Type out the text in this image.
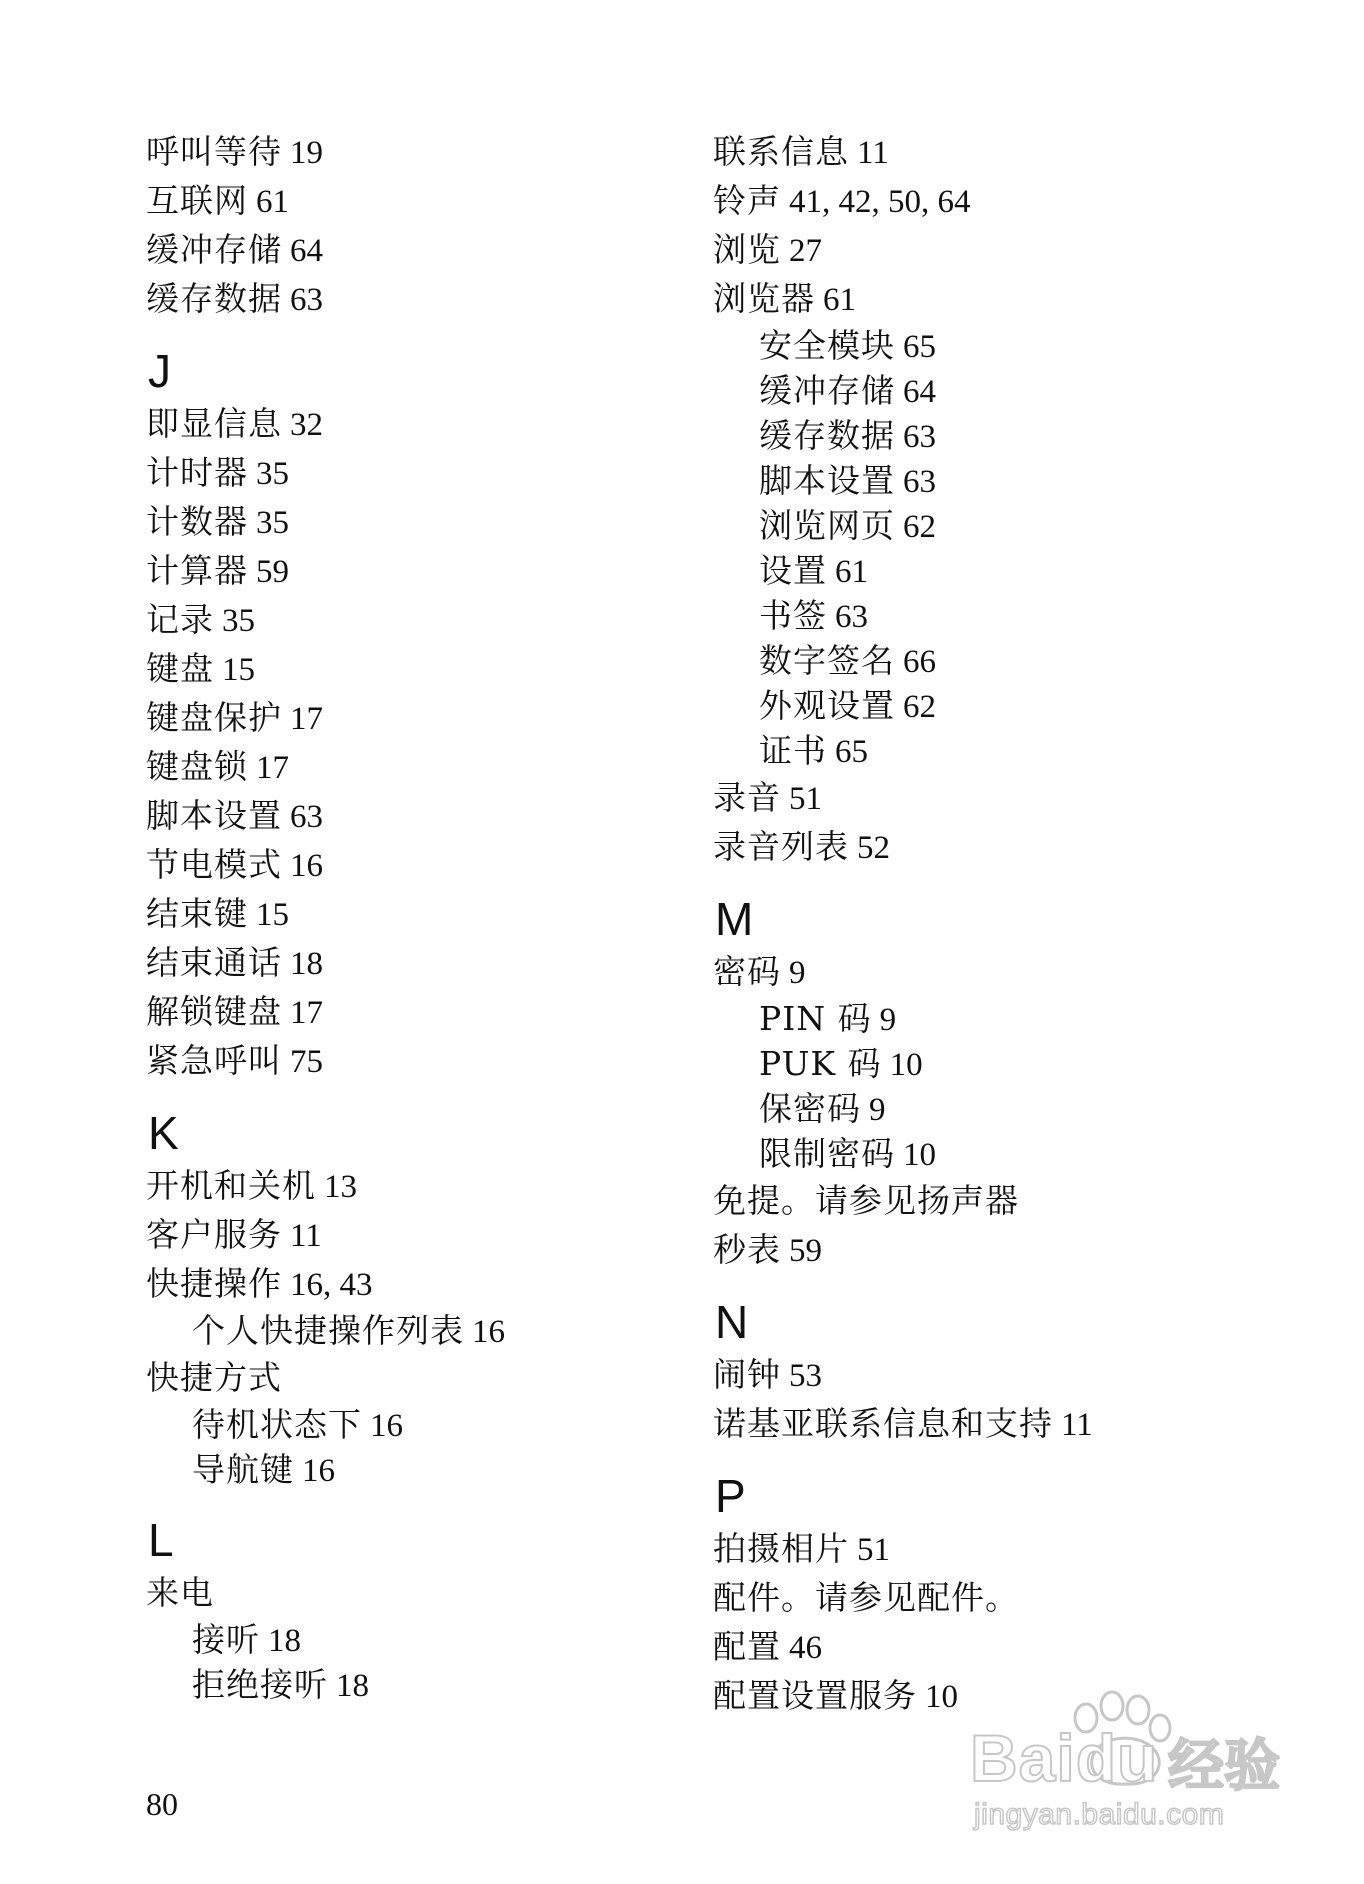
呼叫等待 19
互联网 61
缓冲存储 64
缓存数据 63
J
即显信息 32
计时器 35
计数器 35
计算器 59
记录 35
键盘 15
键盘保护 17
键盘锁 17
脚本设置 63
节电模式 16
结束键 15
结束通话 18
解锁键盘 17
紧急呼叫 75
K
开机和关机 13
客户服务 11
快捷操作 16, 43
个人快捷操作列表 16
快捷方式
待机状态下 16
导航键 16
L
来电
接听 18
拒绝接听 18
联系信息 11
铃声 41, 42, 50, 64
浏览 27
浏览器 61
安全模块 65
缓冲存储 64
缓存数据 63
脚本设置 63
浏览网页 62
设置 61
书签 63
数字签名 66
外观设置 62
证书 65
录音 51
录音列表 52
M
密码 9
PIN 码 9
PUK 码 10
保密码 9
限制密码 10
免提。请参见扬声器
秒表 59
N
闹钟 53
诺基亚联系信息和支持 11
P
拍摄相片 51
配件。请参见配件。
配置 46
配置设置服务 10
80
Baidu 经验
jingyan.baidu.com
